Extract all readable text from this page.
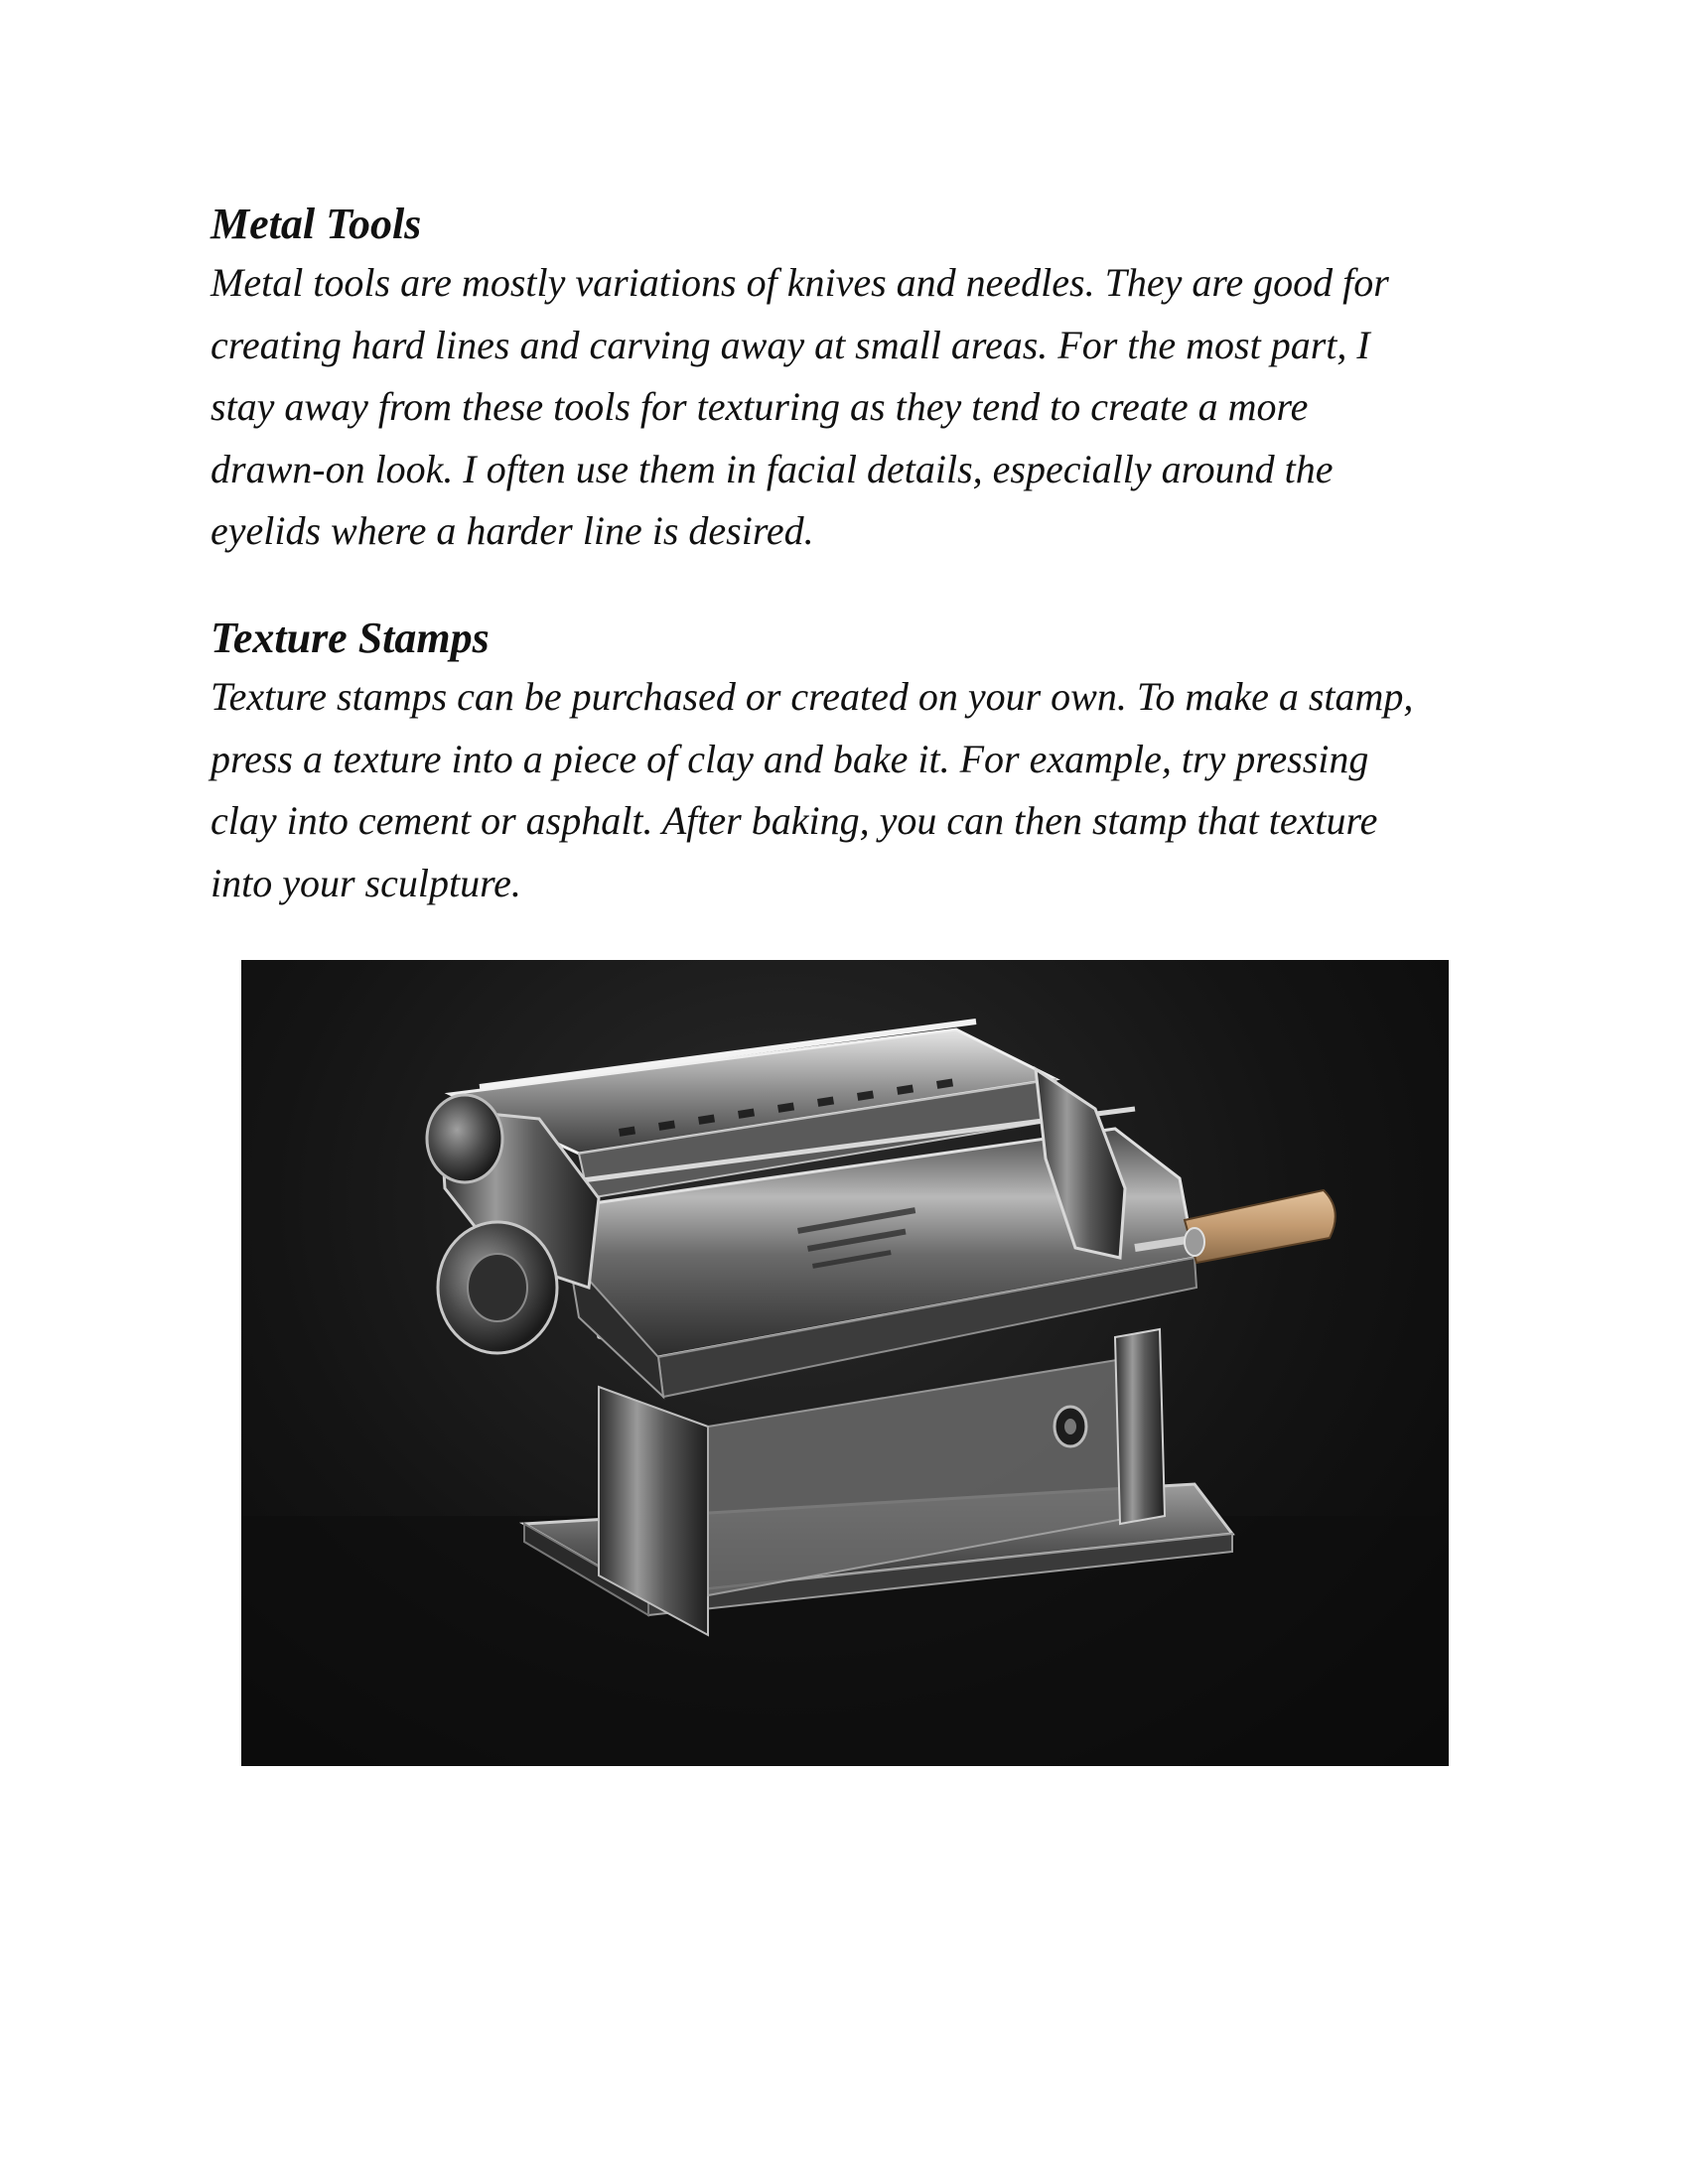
Metal Tools

Metal tools are mostly variations of knives and needles. They are good for
creating hard lines and carving away at small areas. For the most part, I
stay away from these tools for texturing as they tend to create a more
drawn-on look. I often use them in facial details, especially around the
eyelids where a harder line is desired.

Texture Stamps

Texture stamps can be purchased or created on your own. To make a stamp,
press a texture into a piece of clay and bake it. For example, try pressing
clay into cement or asphalt. After baking, you can then stamp that texture
into your sculpture.
